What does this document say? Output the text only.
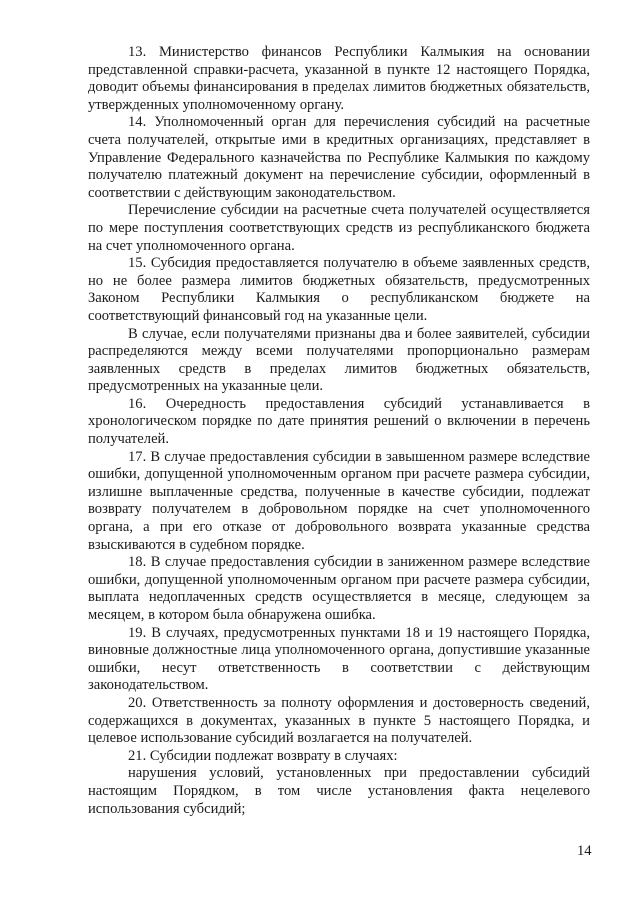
13. Министерство финансов Республики Калмыкия на основании представленной справки-расчета, указанной в пункте 12 настоящего Порядка, доводит объемы финансирования в пределах лимитов бюджетных обязательств, утвержденных уполномоченному органу.

14. Уполномоченный орган для перечисления субсидий на расчетные счета получателей, открытые ими в кредитных организациях, представляет в Управление Федерального казначейства по Республике Калмыкия по каждому получателю платежный документ на перечисление субсидии, оформленный в соответствии с действующим законодательством.

Перечисление субсидии на расчетные счета получателей осуществляется по мере поступления соответствующих средств из республиканского бюджета на счет уполномоченного органа.

15. Субсидия предоставляется получателю в объеме заявленных средств, но не более размера лимитов бюджетных обязательств, предусмотренных Законом Республики Калмыкия о республиканском бюджете на соответствующий финансовый год на указанные цели.

В случае, если получателями признаны два и более заявителей, субсидии распределяются между всеми получателями пропорционально размерам заявленных средств в пределах лимитов бюджетных обязательств, предусмотренных на указанные цели.

16. Очередность предоставления субсидий устанавливается в хронологическом порядке по дате принятия решений о включении в перечень получателей.

17. В случае предоставления субсидии в завышенном размере вследствие ошибки, допущенной уполномоченным органом при расчете размера субсидии, излишне выплаченные средства, полученные в качестве субсидии, подлежат возврату получателем в добровольном порядке на счет уполномоченного органа, а при его отказе от добровольного возврата указанные средства взыскиваются в судебном порядке.

18. В случае предоставления субсидии в заниженном размере вследствие ошибки, допущенной уполномоченным органом при расчете размера субсидии, выплата недоплаченных средств осуществляется в месяце, следующем за месяцем, в котором была обнаружена ошибка.

19. В случаях, предусмотренных пунктами 18 и 19 настоящего Порядка, виновные должностные лица уполномоченного органа, допустившие указанные ошибки, несут ответственность в соответствии с действующим законодательством.

20. Ответственность за полноту оформления и достоверность сведений, содержащихся в документах, указанных в пункте 5 настоящего Порядка, и целевое использование субсидий возлагается на получателей.

21. Субсидии подлежат возврату в случаях:

нарушения условий, установленных при предоставлении субсидий настоящим Порядком, в том числе установления факта нецелевого использования субсидий;

14
